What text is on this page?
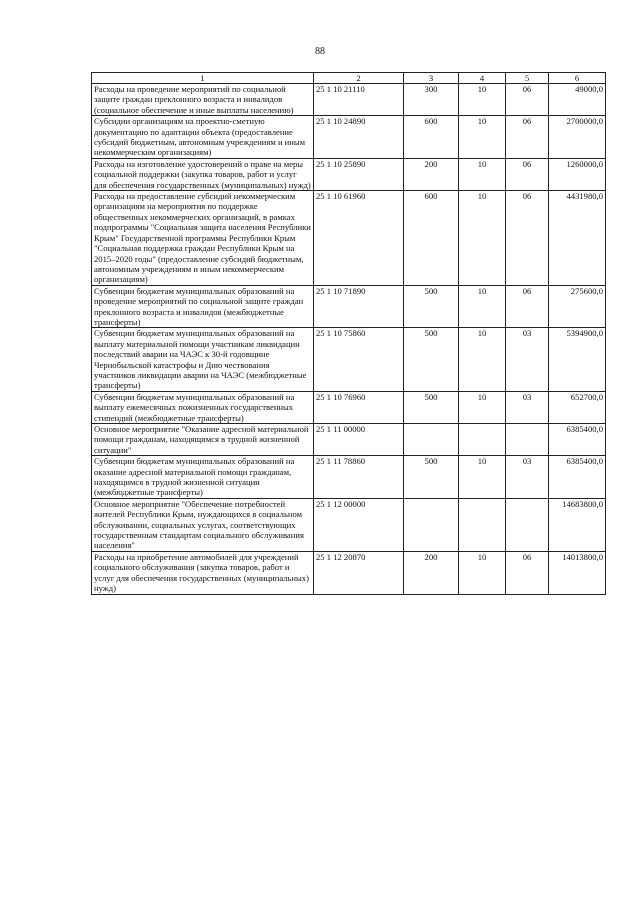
88
1	2	3	4	5	6
Расходы на проведение мероприятий по социальной защите граждан преклонного возраста и инвалидов (социальное обеспечение и иные выплаты населению)	25 1 10 21110	300	10	06	49000,0
Субсидии организациям на проектно-сметную документацию по адаптации объекта (предоставление субсидий бюджетным, автономным учреждениям и иным некоммерческим организациям)	25 1 10 24890	600	10	06	2700000,0
Расходы на изготовление удостоверений о праве на меры социальной поддержки (закупка товаров, работ и услуг для обеспечения государственных (муниципальных) нужд)	25 1 10 25890	200	10	06	1260000,0
Расходы на предоставление субсидий некоммерческим организациям на мероприятия по поддержке общественных некоммерческих организаций, в рамках подпрограммы "Социальная защита населения Республики Крым" Государственной программы Республики Крым "Социальная поддержка граждан Республики Крым на 2015–2020 годы" (предоставление субсидий бюджетным, автономным учреждениям и иным некоммерческим организациям)	25 1 10 61960	600	10	06	4431980,0
Субвенции бюджетам муниципальных образований на проведение мероприятий по социальной защите граждан преклонного возраста и инвалидов (межбюджетные трансферты)	25 1 10 71890	500	10	06	275600,0
Субвенции бюджетам муниципальных образований на выплату материальной помощи участникам ликвидации последствий аварии на ЧАЭС к 30-й годовщине Чернобыльской катастрофы и Дню чествования участников ликвидации аварии на ЧАЭС (межбюджетные трансферты)	25 1 10 75860	500	10	03	5394900,0
Субвенции бюджетам муниципальных образований на выплату ежемесячных пожизненных государственных стипендий (межбюджетные трансферты)	25 1 10 76960	500	10	03	652700,0
Основное мероприятие "Оказание адресной материальной помощи гражданам, находящимся в трудной жизненной ситуации"	25 1 11 00000				6385400,0
Субвенции бюджетам муниципальных образований на оказание адресной материальной помощи гражданам, находящимся в трудной жизненной ситуации (межбюджетные трансферты)	25 1 11 78860	500	10	03	6385400,0
Основное мероприятие "Обеспечение потребностей жителей Республики Крым, нуждающихся в социальном обслуживании, социальных услугах, соответствующих государственным стандартам социального обслуживания населения"	25 1 12 00000				14683800,0
Расходы на приобретение автомобилей для учреждений социального обслуживания (закупка товаров, работ и услуг для обеспечения государственных (муниципальных) нужд)	25 1 12 20870	200	10	06	14013800,0
